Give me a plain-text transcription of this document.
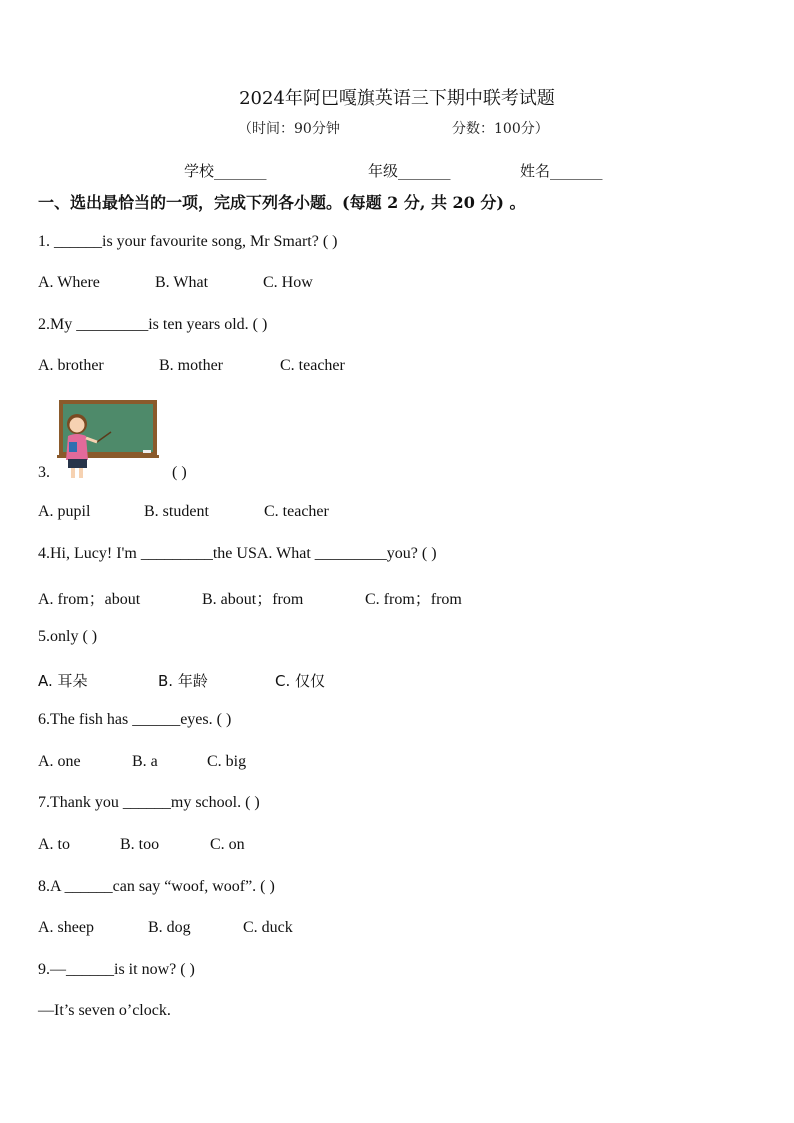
2024年阿巴嘎旗英语三下期中联考试题
（时间：90分钟	分数：100分）
学校_______	年级_______	姓名_______
一、选出最恰当的一项，完成下列各小题。(每题 2 分, 共 20 分) 。
1. ______is your favourite song, Mr Smart? ( )
A. Where	B. What	C. How
2.My _________is ten years old. ( )
A. brother	B. mother	C. teacher
3.	( )
A. pupil	B. student	C. teacher
4.Hi, Lucy! I'm _________the USA. What _________you? ( )
A. from；about	B. about；from	C. from；from
5.only ( )
A. 耳朵	B. 年龄	C. 仅仅
6.The fish has ______eyes. ( )
A. one	B. a	C. big
7.Thank you ______my school. ( )
A. to	B. too	C. on
8.A ______can say “woof, woof”. ( )
A. sheep	B. dog	C. duck
9.—______is it now? ( )
—It’s seven o’clock.
